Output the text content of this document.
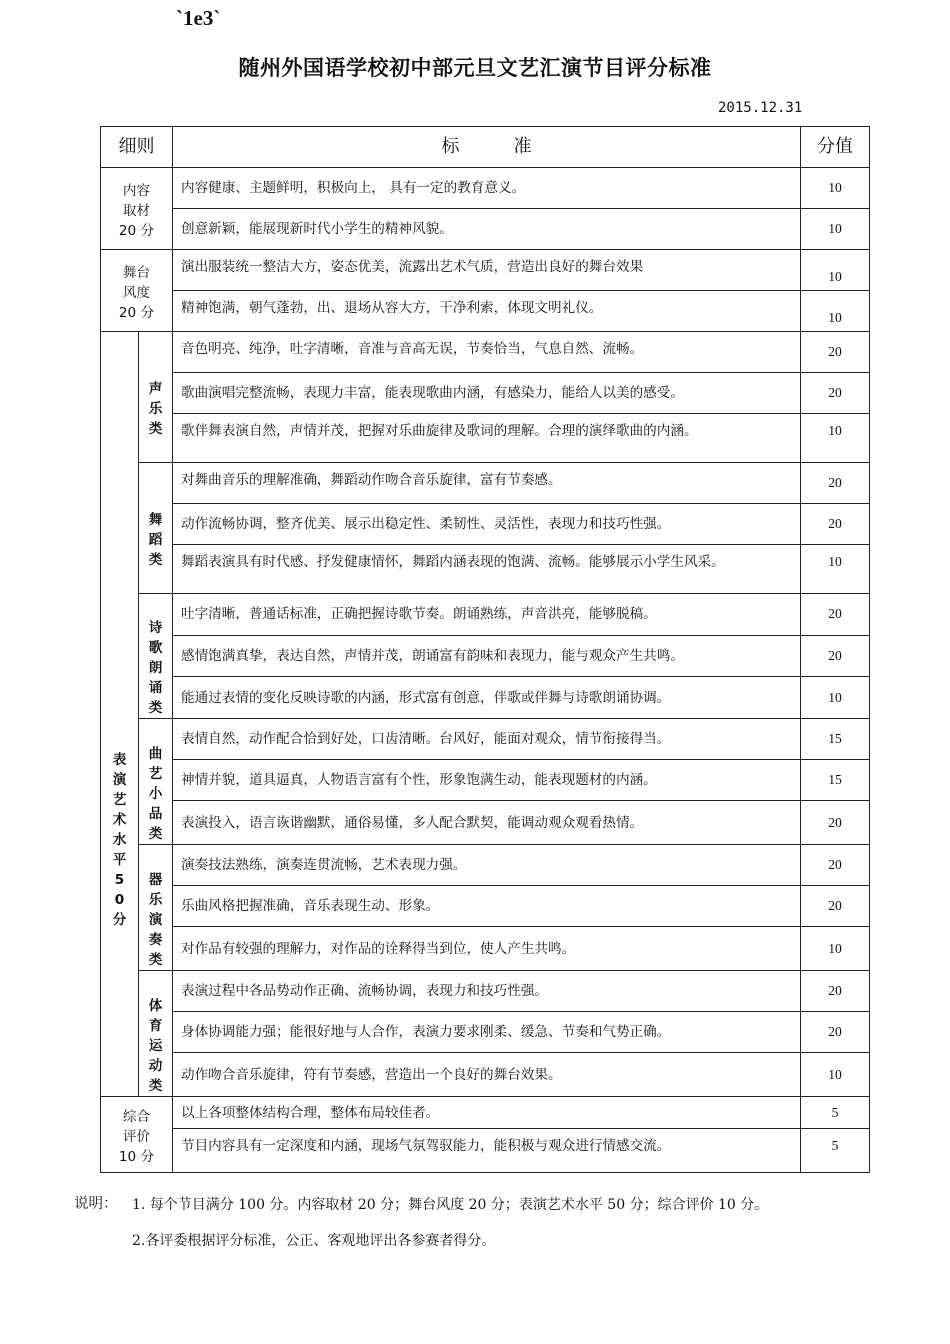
`1e3`
随州外国语学校初中部元旦文艺汇演节目评分标准
2015.12.31
细则		标　　　准	分值
内容
取材
20 分		内容健康、主题鲜明，积极向上， 具有一定的教育意义。	10
		创意新颖，能展现新时代小学生的精神风貌。	10
舞台
风度
20 分		演出服装统一整洁大方，姿态优美，流露出艺术气质，营造出良好的舞台效果	10
		精神饱满，朝气蓬勃，出、退场从容大方，干净利索，体现文明礼仪。	10
表演艺术水平50分	声乐类	音色明亮、纯净，吐字清晰，音准与音高无误，节奏恰当，气息自然、流畅。	20
		歌曲演唱完整流畅，表现力丰富，能表现歌曲内涵，有感染力，能给人以美的感受。	20
		歌伴舞表演自然，声情并茂，把握对乐曲旋律及歌词的理解。合理的演绎歌曲的内涵。	10
	舞蹈类	对舞曲音乐的理解准确，舞蹈动作吻合音乐旋律，富有节奏感。	20
		动作流畅协调，整齐优美、展示出稳定性、柔韧性、灵活性，表现力和技巧性强。	20
		舞蹈表演具有时代感、抒发健康情怀，舞蹈内涵表现的饱满、流畅。能够展示小学生风采。	10
	诗歌朗诵类	吐字清晰，普通话标准，正确把握诗歌节奏。朗诵熟练，声音洪亮，能够脱稿。	20
		感情饱满真挚，表达自然，声情并茂，朗诵富有韵味和表现力，能与观众产生共鸣。	20
		能通过表情的变化反映诗歌的内涵，形式富有创意，伴歌或伴舞与诗歌朗诵协调。	10
	曲艺小品类	表情自然，动作配合恰到好处，口齿清晰。台风好，能面对观众，情节衔接得当。	15
		神情并貌，道具逼真，人物语言富有个性，形象饱满生动，能表现题材的内涵。	15
		表演投入，语言诙谐幽默，通俗易懂，多人配合默契，能调动观众观看热情。	20
	器乐演奏类	演奏技法熟练，演奏连贯流畅，艺术表现力强。	20
		乐曲风格把握准确，音乐表现生动、形象。	20
		对作品有较强的理解力，对作品的诠释得当到位，使人产生共鸣。	10
	体育运动类	表演过程中各品势动作正确、流畅协调，表现力和技巧性强。	20
		身体协调能力强；能很好地与人合作，表演力要求刚柔、缓急、节奏和气势正确。	20
		动作吻合音乐旋律，符有节奏感，营造出一个良好的舞台效果。	10
综合
评价
10 分		以上各项整体结构合理，整体布局较佳者。	5
		节目内容具有一定深度和内涵，现场气氛驾驭能力，能积极与观众进行情感交流。	5
说明： 1. 每个节目满分 100 分。内容取材 20 分；舞台风度 20 分；表演艺术水平 50 分；综合评价 10 分。
2.各评委根据评分标准，公正、客观地评出各参赛者得分。
